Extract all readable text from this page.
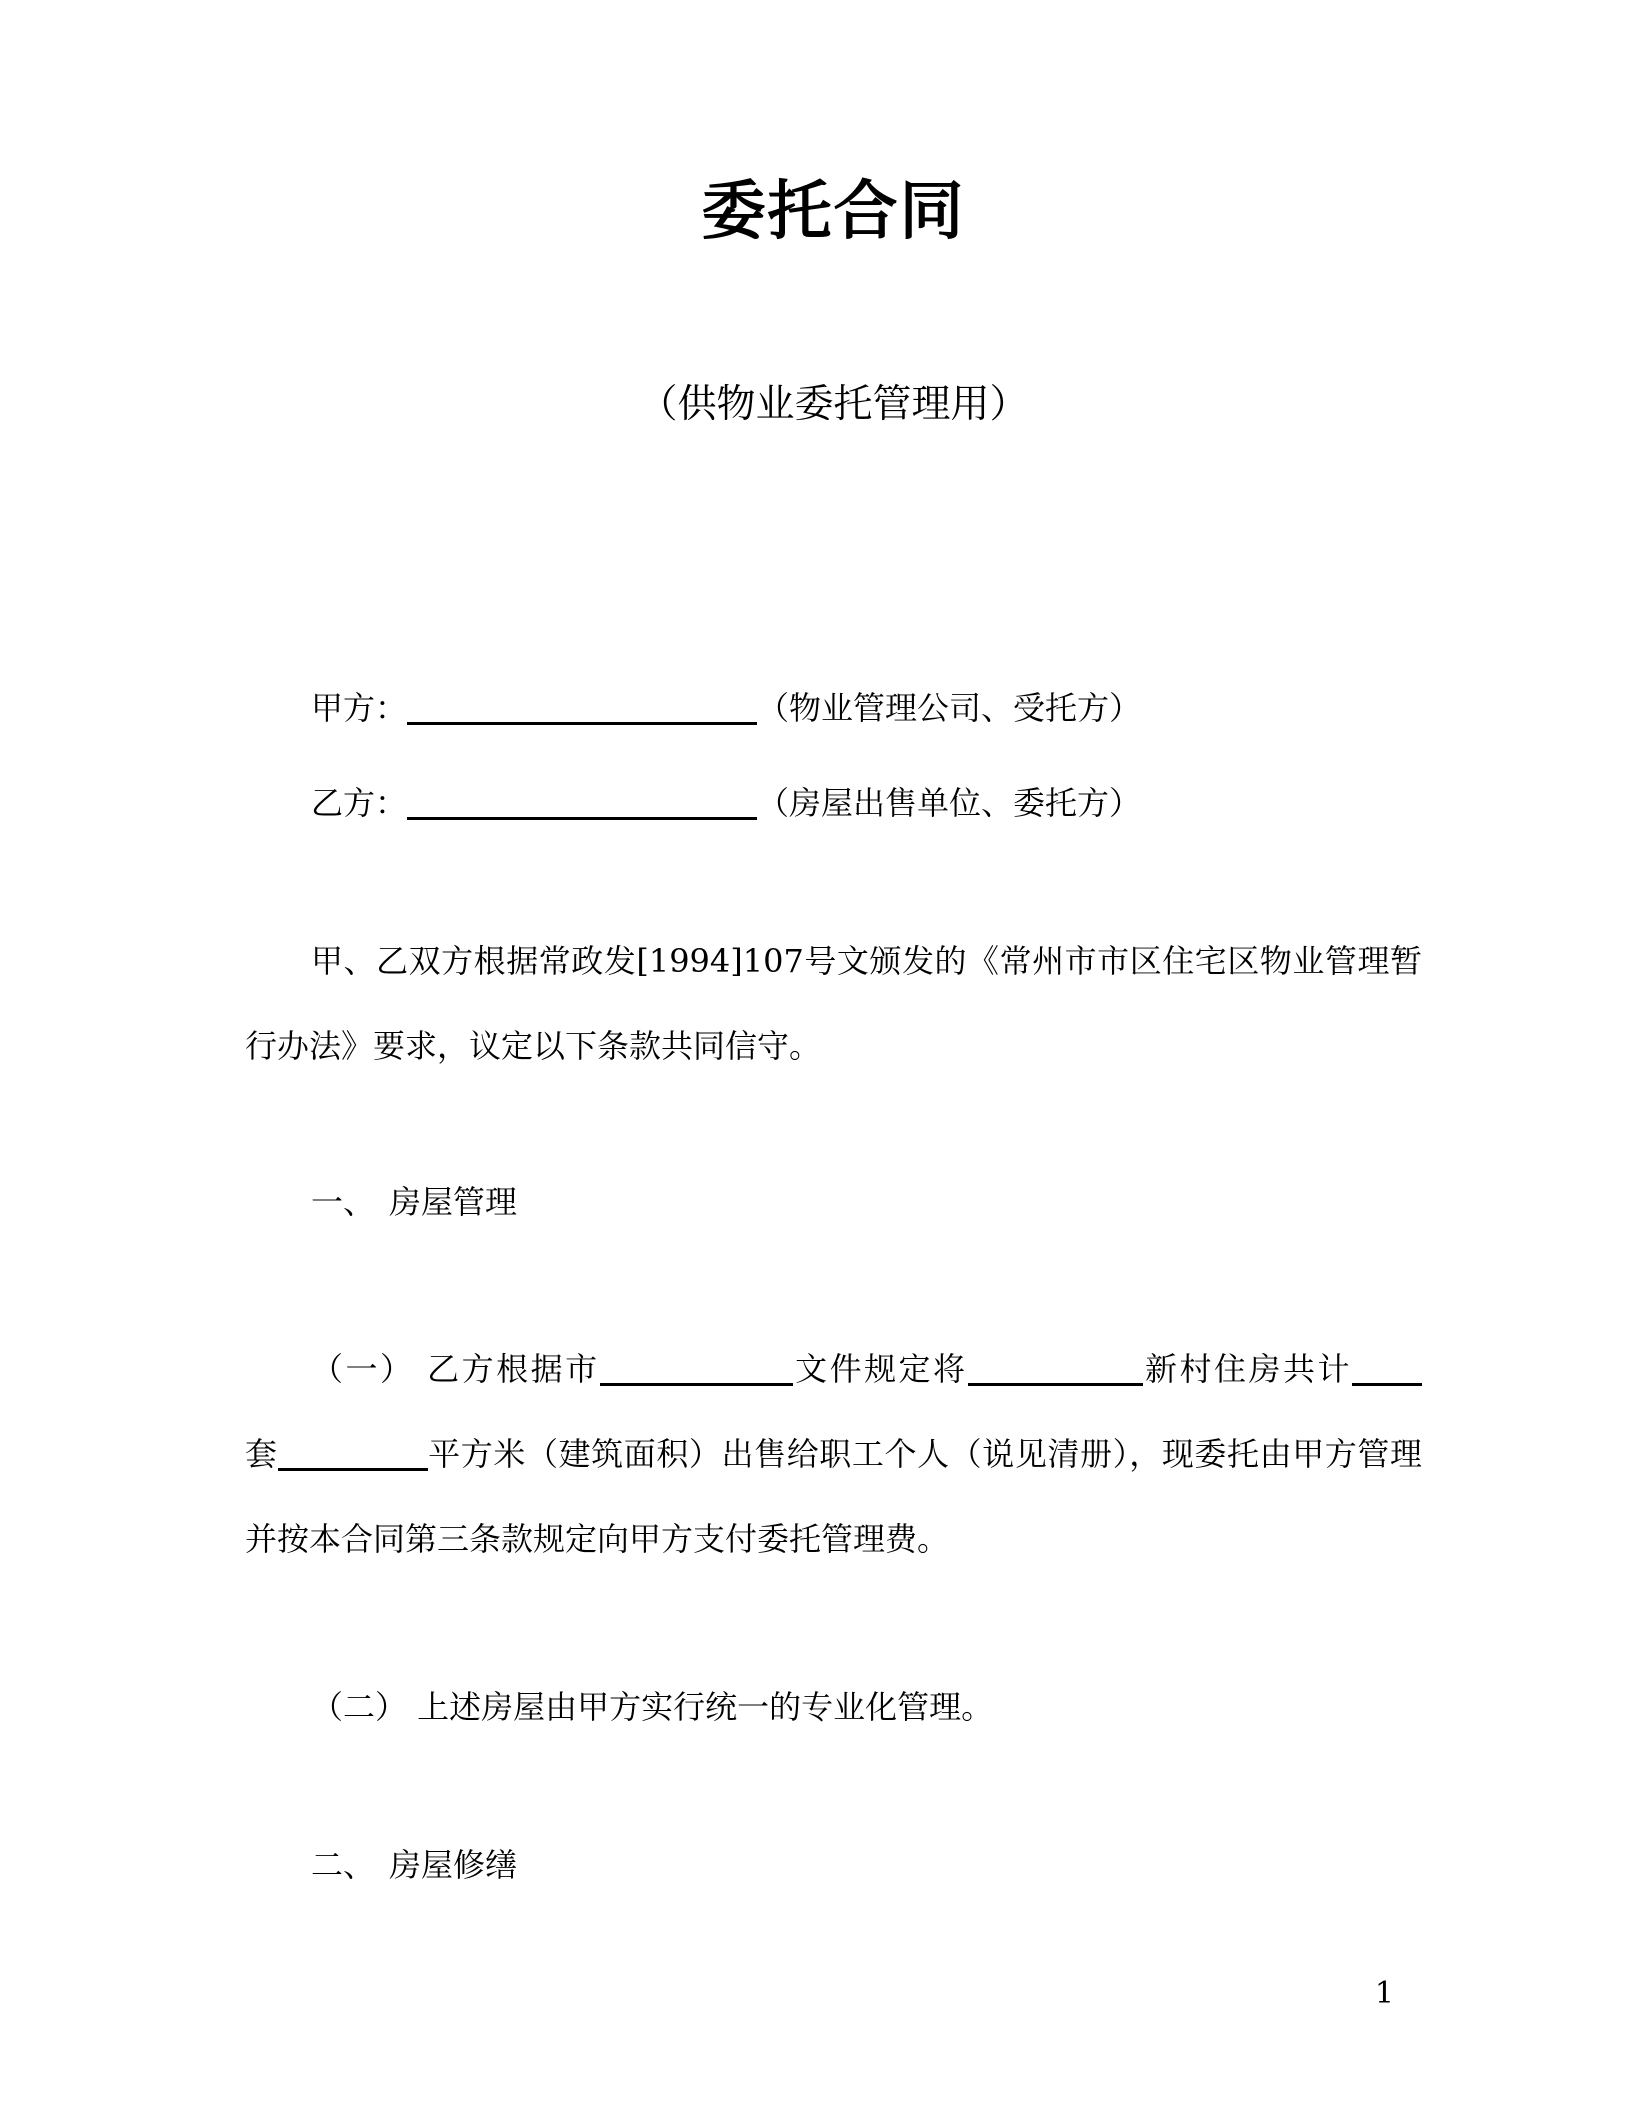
委托合同
（供物业委托管理用）
甲方：	（物业管理公司、受托方）
乙方：	（房屋出售单位、委托方）

甲、乙双方根据常政发[1994]107号文颁发的《常州市市区住宅区物业管理暂行办法》要求，议定以下条款共同信守。

一、 房屋管理

（一） 乙方根据市	文件规定将	新村住房共计套	平方米（建筑面积）出售给职工个人（说见清册），现委托由甲方管理并按本合同第三条款规定向甲方支付委托管理费。

（二） 上述房屋由甲方实行统一的专业化管理。

二、 房屋修缮
1
